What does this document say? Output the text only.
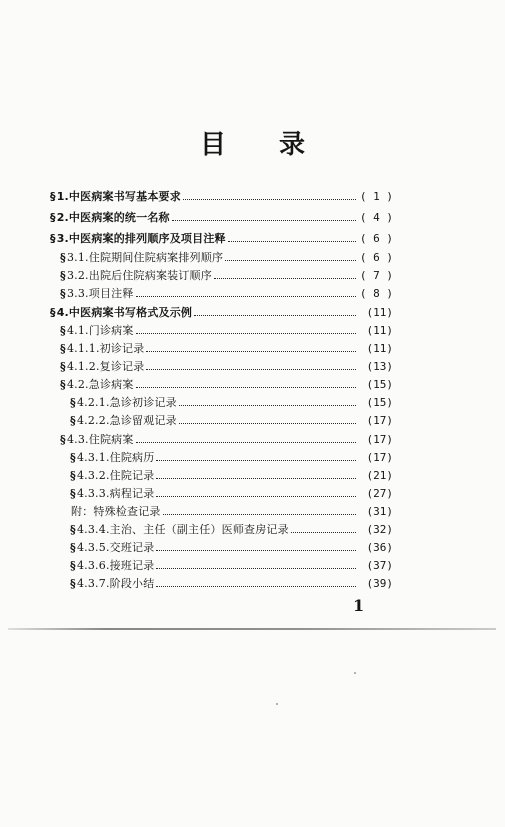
目 录
§1.中医病案书写基本要求	( 1 )
§2.中医病案的统一名称	( 4 )
§3.中医病案的排列顺序及项目注释	( 6 )
§3.1.住院期间住院病案排列顺序	( 6 )
§3.2.出院后住院病案装订顺序	( 7 )
§3.3.项目注释	( 8 )
§4.中医病案书写格式及示例	(11)
§4.1.门诊病案	(11)
§4.1.1.初诊记录	(11)
§4.1.2.复诊记录	(13)
§4.2.急诊病案	(15)
§4.2.1.急诊初诊记录	(15)
§4.2.2.急诊留观记录	(17)
§4.3.住院病案	(17)
§4.3.1.住院病历	(17)
§4.3.2.住院记录	(21)
§4.3.3.病程记录	(27)
附：特殊检查记录	(31)
§4.3.4.主治、主任（副主任）医师查房记录	(32)
§4.3.5.交班记录	(36)
§4.3.6.接班记录	(37)
§4.3.7.阶段小结	(39)
1
